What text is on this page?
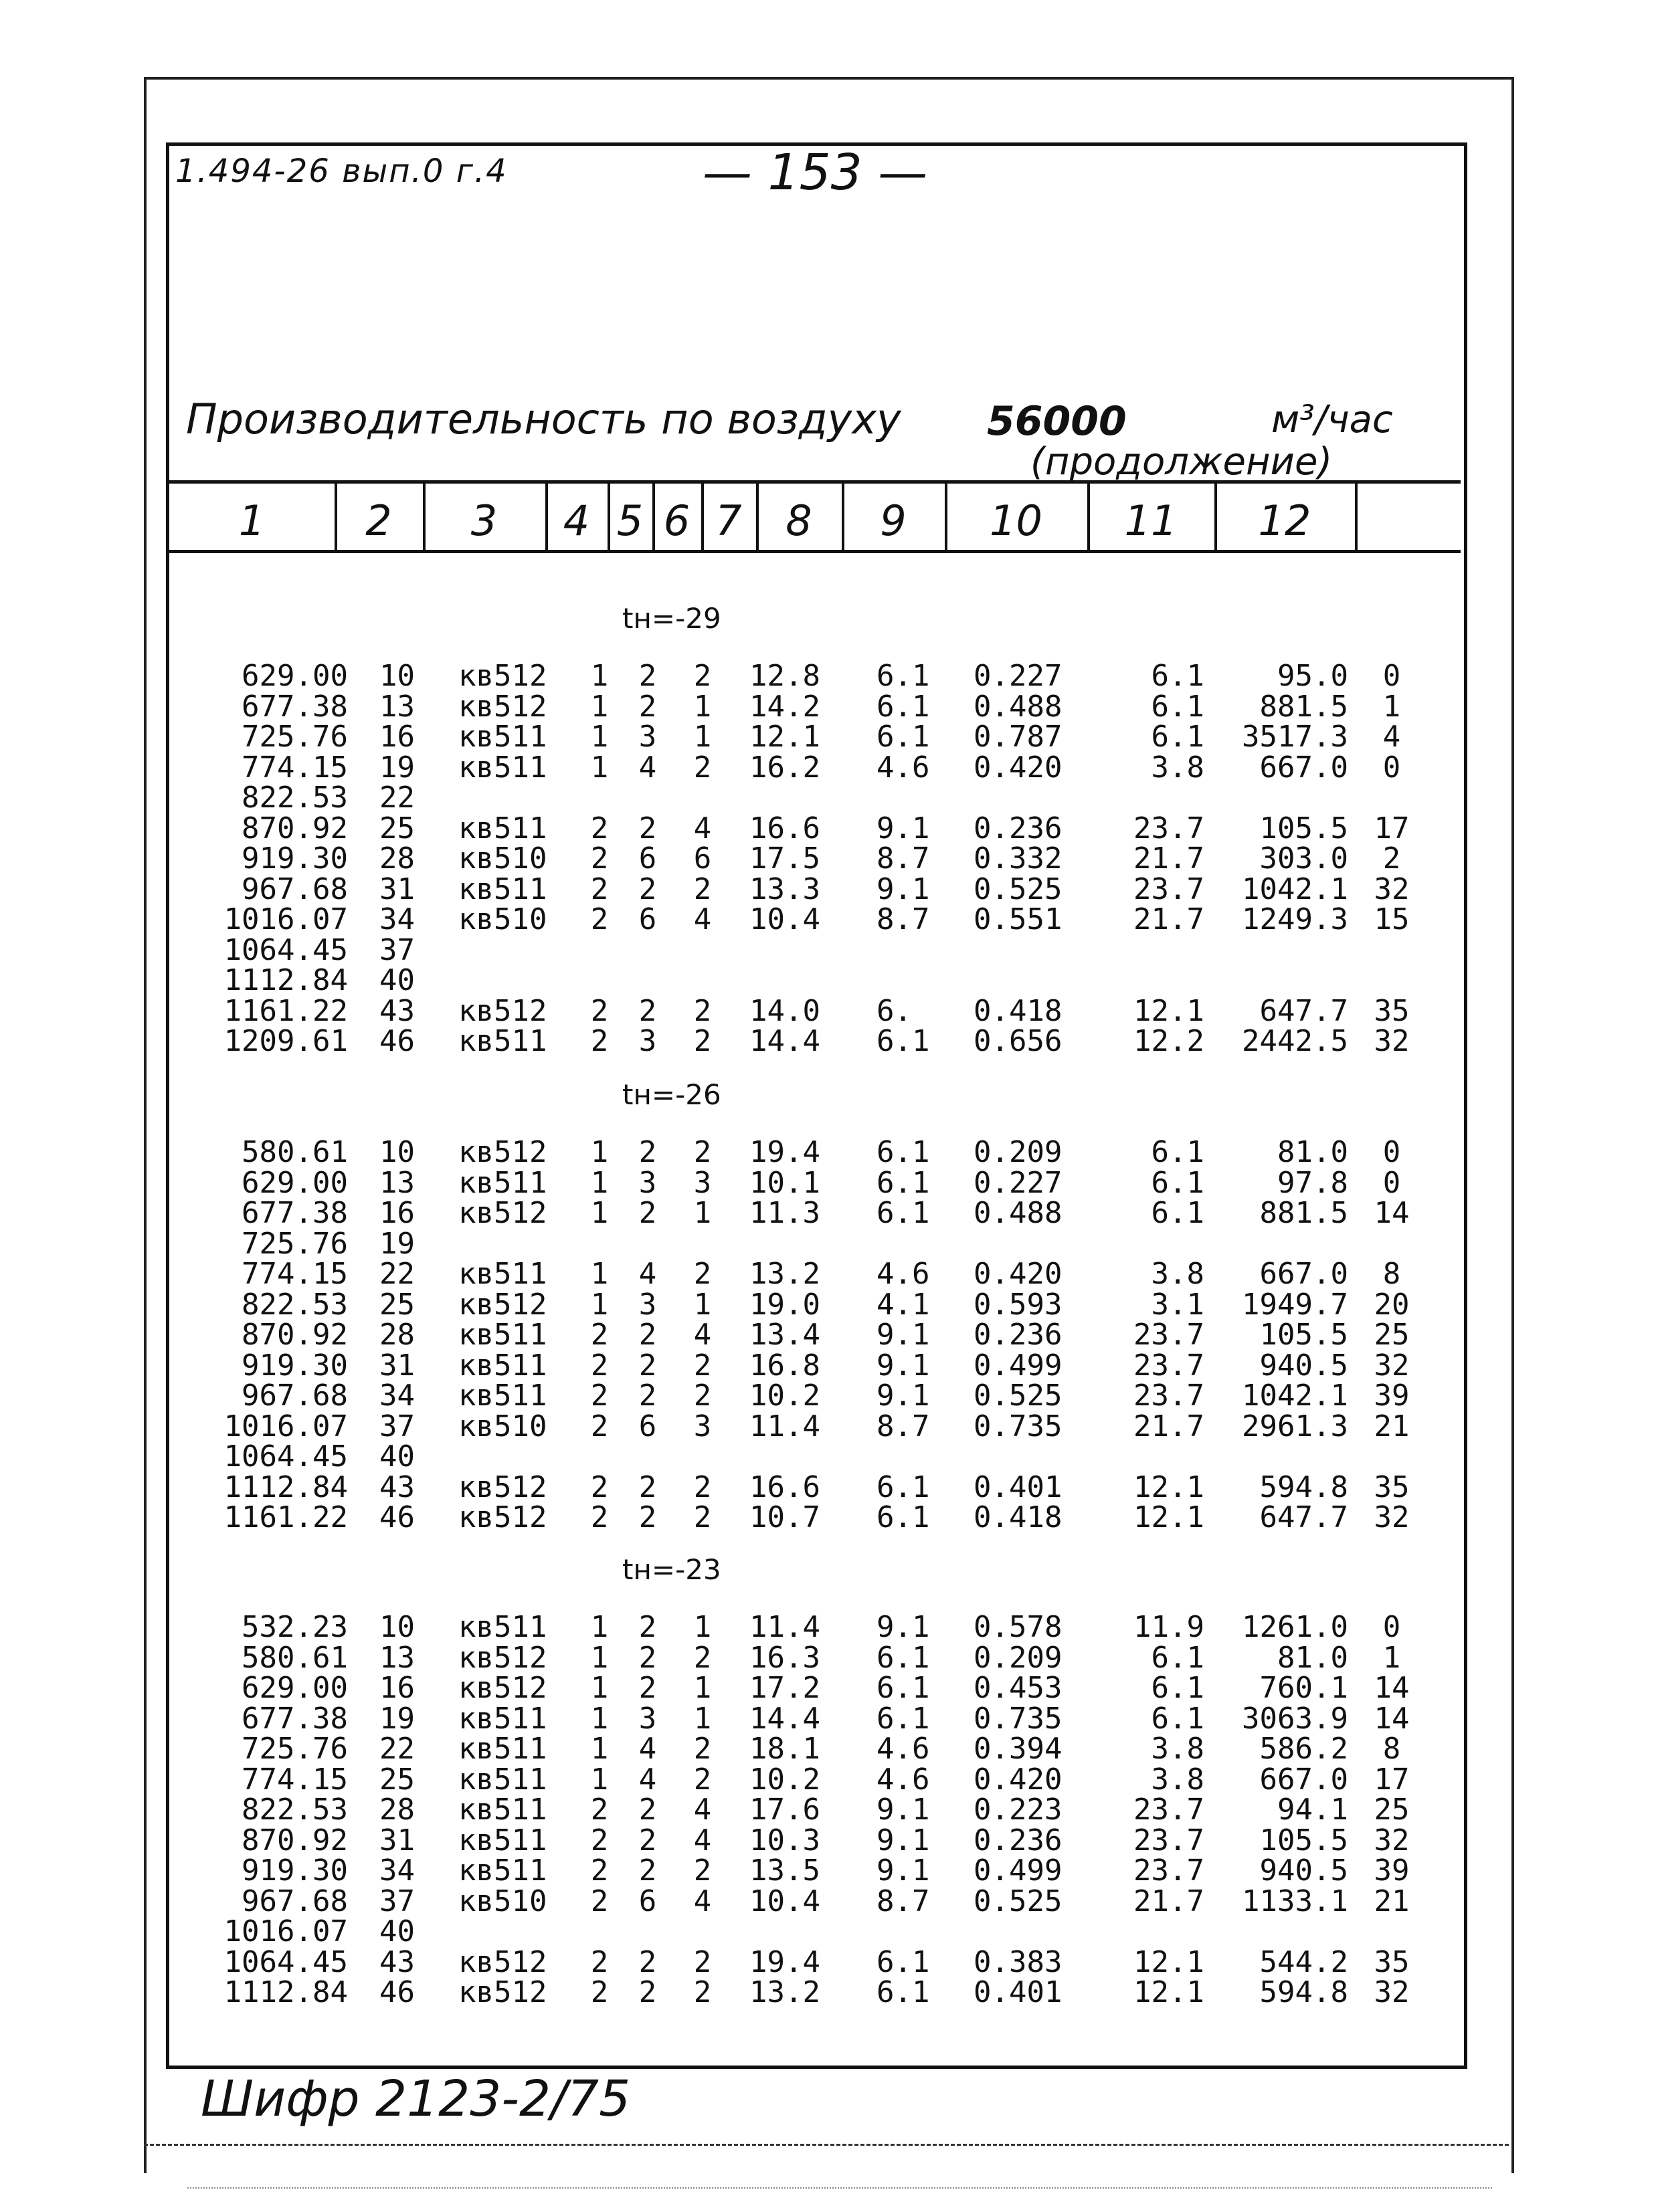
1.494-26 вып.0 г.4	— 153 —
Производительность по воздуху 56000	м³/час
(продолжение)
1	2	3	4 5 6 7	8	9	10	11	12
tн=-29
629.00 10	кв512	1 2 2 12.8	6.1 0.227	6.1	95.0	0
677.38 13	кв512	1 2 1 14.2	6.1 0.488	6.1	881.5	1
725.76 16	кв511	1 3 1 12.1	6.1 0.787	6.1	3517.3	4
774.15 19	кв511	1 4 2 16.2	4.6 0.420	3.8	667.0	0
822.53 22
870.92 25	кв511	2 2 4 16.6	9.1 0.236	23.7	105.5 17
919.30 28	кв510	2 6 6 17.5	8.7 0.332	21.7	303.0	2
967.68 31	кв511	2 2 2 13.3	9.1 0.525	23.7	1042.1 32
1016.07 34	кв510	2 6 4 10.4	8.7 0.551	21.7	1249.3 15
1064.45 37
1112.84 40
1161.22 43	кв512	2 2 2 14.0	6.	0.418	12.1	647.7 35
1209.61 46	кв511	2 3 2 14.4	6.1 0.656	12.2	2442.5 32
tн=-26
580.61 10	кв512	1 2 2 19.4	6.1 0.209	6.1	81.0	0
629.00 13	кв511	1 3 3 10.1	6.1 0.227	6.1	97.8	0
677.38 16	кв512	1 2 1 11.3	6.1 0.488	6.1	881.5 14
725.76 19
774.15 22	кв511	1 4 2 13.2	4.6 0.420	3.8	667.0	8
822.53 25	кв512	1 3 1 19.0	4.1 0.593	3.1	1949.7 20
870.92 28	кв511	2 2 4 13.4	9.1 0.236	23.7	105.5 25
919.30 31	кв511	2 2 2 16.8	9.1 0.499	23.7	940.5 32
967.68 34	кв511	2 2 2 10.2	9.1 0.525	23.7	1042.1 39
1016.07 37	кв510	2 6 3 11.4	8.7 0.735	21.7	2961.3 21
1064.45 40
1112.84 43	кв512	2 2 2 16.6	6.1 0.401	12.1	594.8 35
1161.22 46	кв512	2 2 2 10.7	6.1 0.418	12.1	647.7 32
tн=-23
532.23 10	кв511	1 2 1 11.4	9.1 0.578	11.9	1261.0	0
580.61 13	кв512	1 2 2 16.3	6.1 0.209	6.1	81.0	1
629.00 16	кв512	1 2 1 17.2	6.1 0.453	6.1	760.1 14
677.38 19	кв511	1 3 1 14.4	6.1 0.735	6.1	3063.9 14
725.76 22	кв511	1 4 2 18.1	4.6 0.394	3.8	586.2	8
774.15 25	кв511	1 4 2 10.2	4.6 0.420	3.8	667.0 17
822.53 28	кв511	2 2 4 17.6	9.1 0.223	23.7	94.1 25
870.92 31	кв511	2 2 4 10.3	9.1 0.236	23.7	105.5 32
919.30 34	кв511	2 2 2 13.5	9.1 0.499	23.7	940.5 39
967.68 37	кв510	2 6 4 10.4	8.7 0.525	21.7	1133.1 21
1016.07 40
1064.45 43	кв512	2 2 2 19.4	6.1 0.383	12.1	544.2 35
1112.84 46	кв512	2 2 2 13.2	6.1 0.401	12.1	594.8 32
Шифр 2123-2/75
